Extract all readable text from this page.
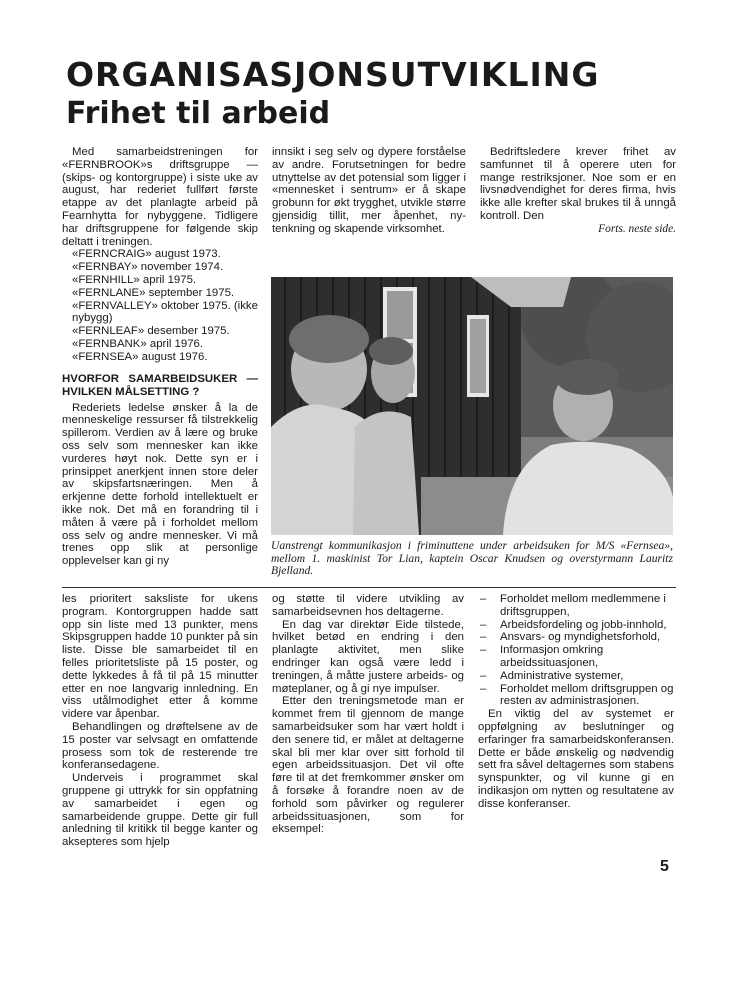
ORGANISASJONSUTVIKLING
Frihet til arbeid

Med samarbeidstreningen for «FERNBROOK»s driftsgruppe — (skips- og kontorgruppe) i siste uke av august, har rederiet fullført første etappe av det planlagte arbeid på Fearnhytta for nybyggene. Tidligere har driftsgruppene for følgende skip deltatt i treningen.

«FERNCRAIG» august 1973.
«FERNBAY» november 1974.
«FERNHILL» april 1975.
«FERNLANE» september 1975.
«FERNVALLEY» oktober 1975. (ikke nybygg)
«FERNLEAF» desember 1975.
«FERNBANK» april 1976.
«FERNSEA» august 1976.
HVORFOR SAMARBEIDSUKER — HVILKEN MÅLSETTING ?

Rederiets ledelse ønsker å la de menneskelige ressurser få tilstrekkelig spillerom. Verdien av å lære og bruke oss selv som mennesker kan ikke vurderes høyt nok. Dette syn er i prinsippet anerkjent innen store deler av skipsfartsnæringen. Men å erkjenne dette forhold intellektuelt er ikke nok. Det må en forandring til i måten å være på i forholdet mellom oss selv og andre mennesker. Vi må trenes opp slik at personlige opplevelser kan gi ny

innsikt i seg selv og dypere forståelse av andre. Forutsetningen for bedre utnyttelse av det potensial som ligger i «mennesket i sentrum» er å skape grobunn for økt trygghet, utvikle større gjensidig tillit, mer åpenhet, ny-tenkning og skapende virksomhet.

Bedriftsledere krever frihet av samfunnet til å operere uten for mange restriksjoner. Noe som er en livsnødvendighet for deres firma, hvis ikke alle krefter skal brukes til å unngå kontroll. Den

Forts. neste side.

Uanstrengt kommunikasjon i friminuttene under arbeidsuken for M/S «Fernsea», mellom 1. maskinist Tor Lian, kaptein Oscar Knudsen og overstyrmann Lauritz Bjelland.

les prioritert saksliste for ukens program. Kontorgruppen hadde satt opp sin liste med 13 punkter, mens Skipsgruppen hadde 10 punkter på sin liste. Disse ble samarbeidet til en felles prioritetsliste på 15 poster, og dette lykkedes å få til på 15 minutter etter en noe langvarig innledning. En viss utålmodighet etter å komme videre var åpenbar.

Behandlingen og drøftelsene av de 15 poster var selvsagt en omfattende prosess som tok de resterende tre konferansedagene.

Underveis i programmet skal gruppene gi uttrykk for sin oppfatning av samarbeidet i egen og samarbeidende gruppe. Dette gir full anledning til kritikk til begge kanter og aksepteres som hjelp

og støtte til videre utvikling av samarbeidsevnen hos deltagerne.

En dag var direktør Eide tilstede, hvilket betød en endring i den planlagte aktivitet, men slike endringer kan også være ledd i treningen, å måtte justere arbeids- og møteplaner, og å gi nye impulser.

Etter den treningsmetode man er kommet frem til gjennom de mange samarbeidsuker som har vært holdt i den senere tid, er målet at deltagerne skal bli mer klar over sitt forhold til egen arbeidssituasjon. Det vil ofte føre til at det fremkommer ønsker om å forsøke å forandre noen av de forhold som påvirker og regulerer arbeidssituasjonen, som for eksempel:

– Forholdet mellom medlemmene i driftsgruppen,
– Arbeidsfordeling og jobb-innhold,
– Ansvars- og myndighetsforhold,
– Informasjon omkring arbeidssituasjonen,
– Administrative systemer,
– Forholdet mellom driftsgruppen og resten av administrasjonen.

En viktig del av systemet er oppfølgning av beslutninger og erfaringer fra samarbeidskonferansen. Dette er både ønskelig og nødvendig sett fra såvel deltagernes som stabens synspunkter, og vil kunne gi en indikasjon om nytten og resultatene av disse konferanser.

5
